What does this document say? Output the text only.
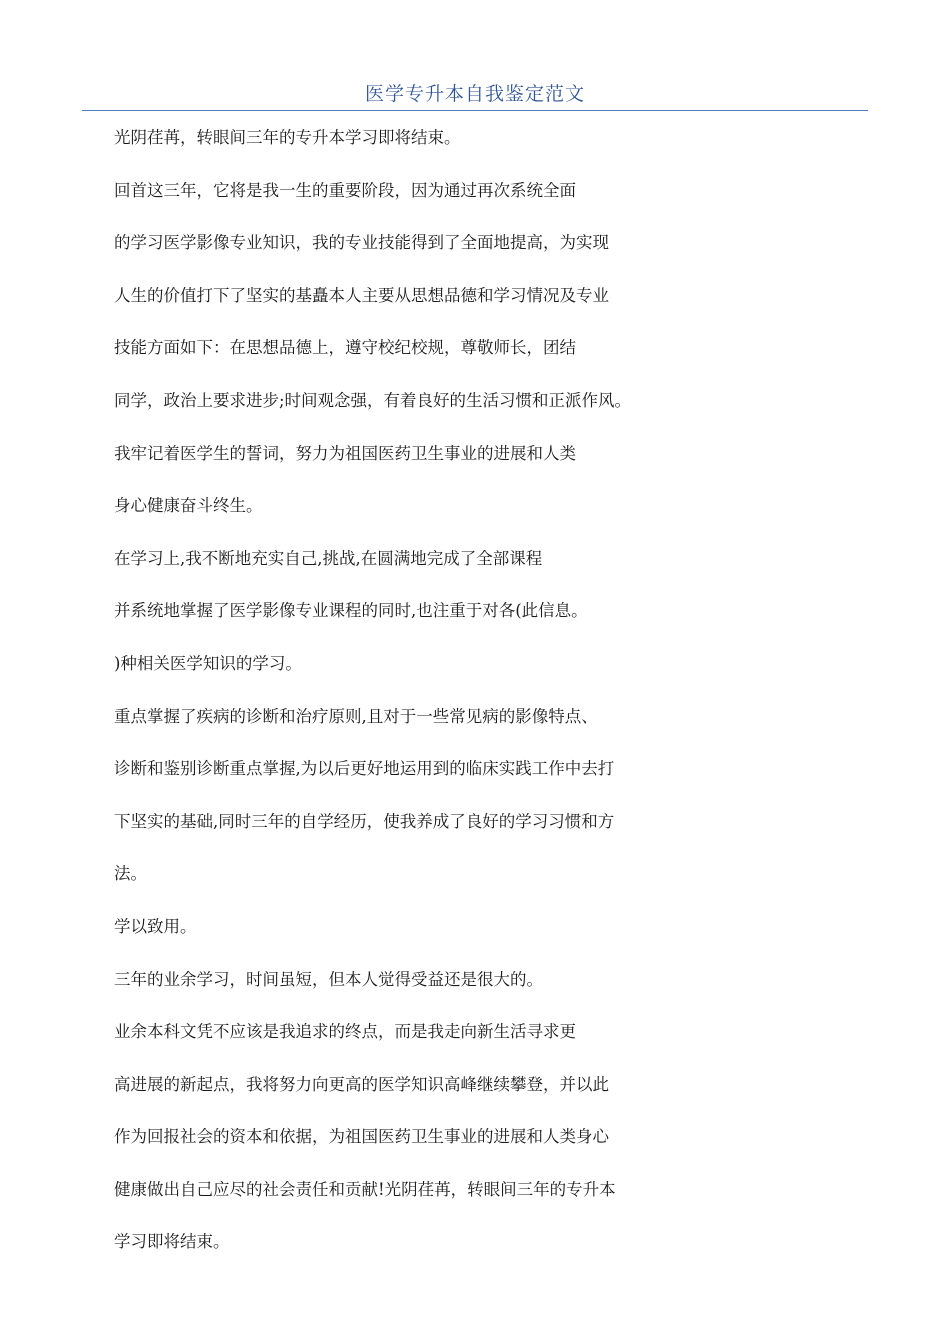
医学专升本自我鉴定范文
光阴荏苒，转眼间三年的专升本学习即将结束。
回首这三年，它将是我一生的重要阶段，因为通过再次系统全面
的学习医学影像专业知识，我的专业技能得到了全面地提高，为实现
人生的价值打下了坚实的基矗本人主要从思想品德和学习情况及专业
技能方面如下：在思想品德上，遵守校纪校规，尊敬师长，团结
同学，政治上要求进步;时间观念强，有着良好的生活习惯和正派作风。
我牢记着医学生的誓词，努力为祖国医药卫生事业的进展和人类
身心健康奋斗终生。
在学习上,我不断地充实自己,挑战,在圆满地完成了全部课程
并系统地掌握了医学影像专业课程的同时,也注重于对各(此信息。
)种相关医学知识的学习。
重点掌握了疾病的诊断和治疗原则,且对于一些常见病的影像特点、
诊断和鉴别诊断重点掌握,为以后更好地运用到的临床实践工作中去打
下坚实的基础,同时三年的自学经历，使我养成了良好的学习习惯和方
法。
学以致用。
三年的业余学习，时间虽短，但本人觉得受益还是很大的。
业余本科文凭不应该是我追求的终点，而是我走向新生活寻求更
高进展的新起点，我将努力向更高的医学知识高峰继续攀登，并以此
作为回报社会的资本和依据，为祖国医药卫生事业的进展和人类身心
健康做出自己应尽的社会责任和贡献!光阴荏苒，转眼间三年的专升本
学习即将结束。
